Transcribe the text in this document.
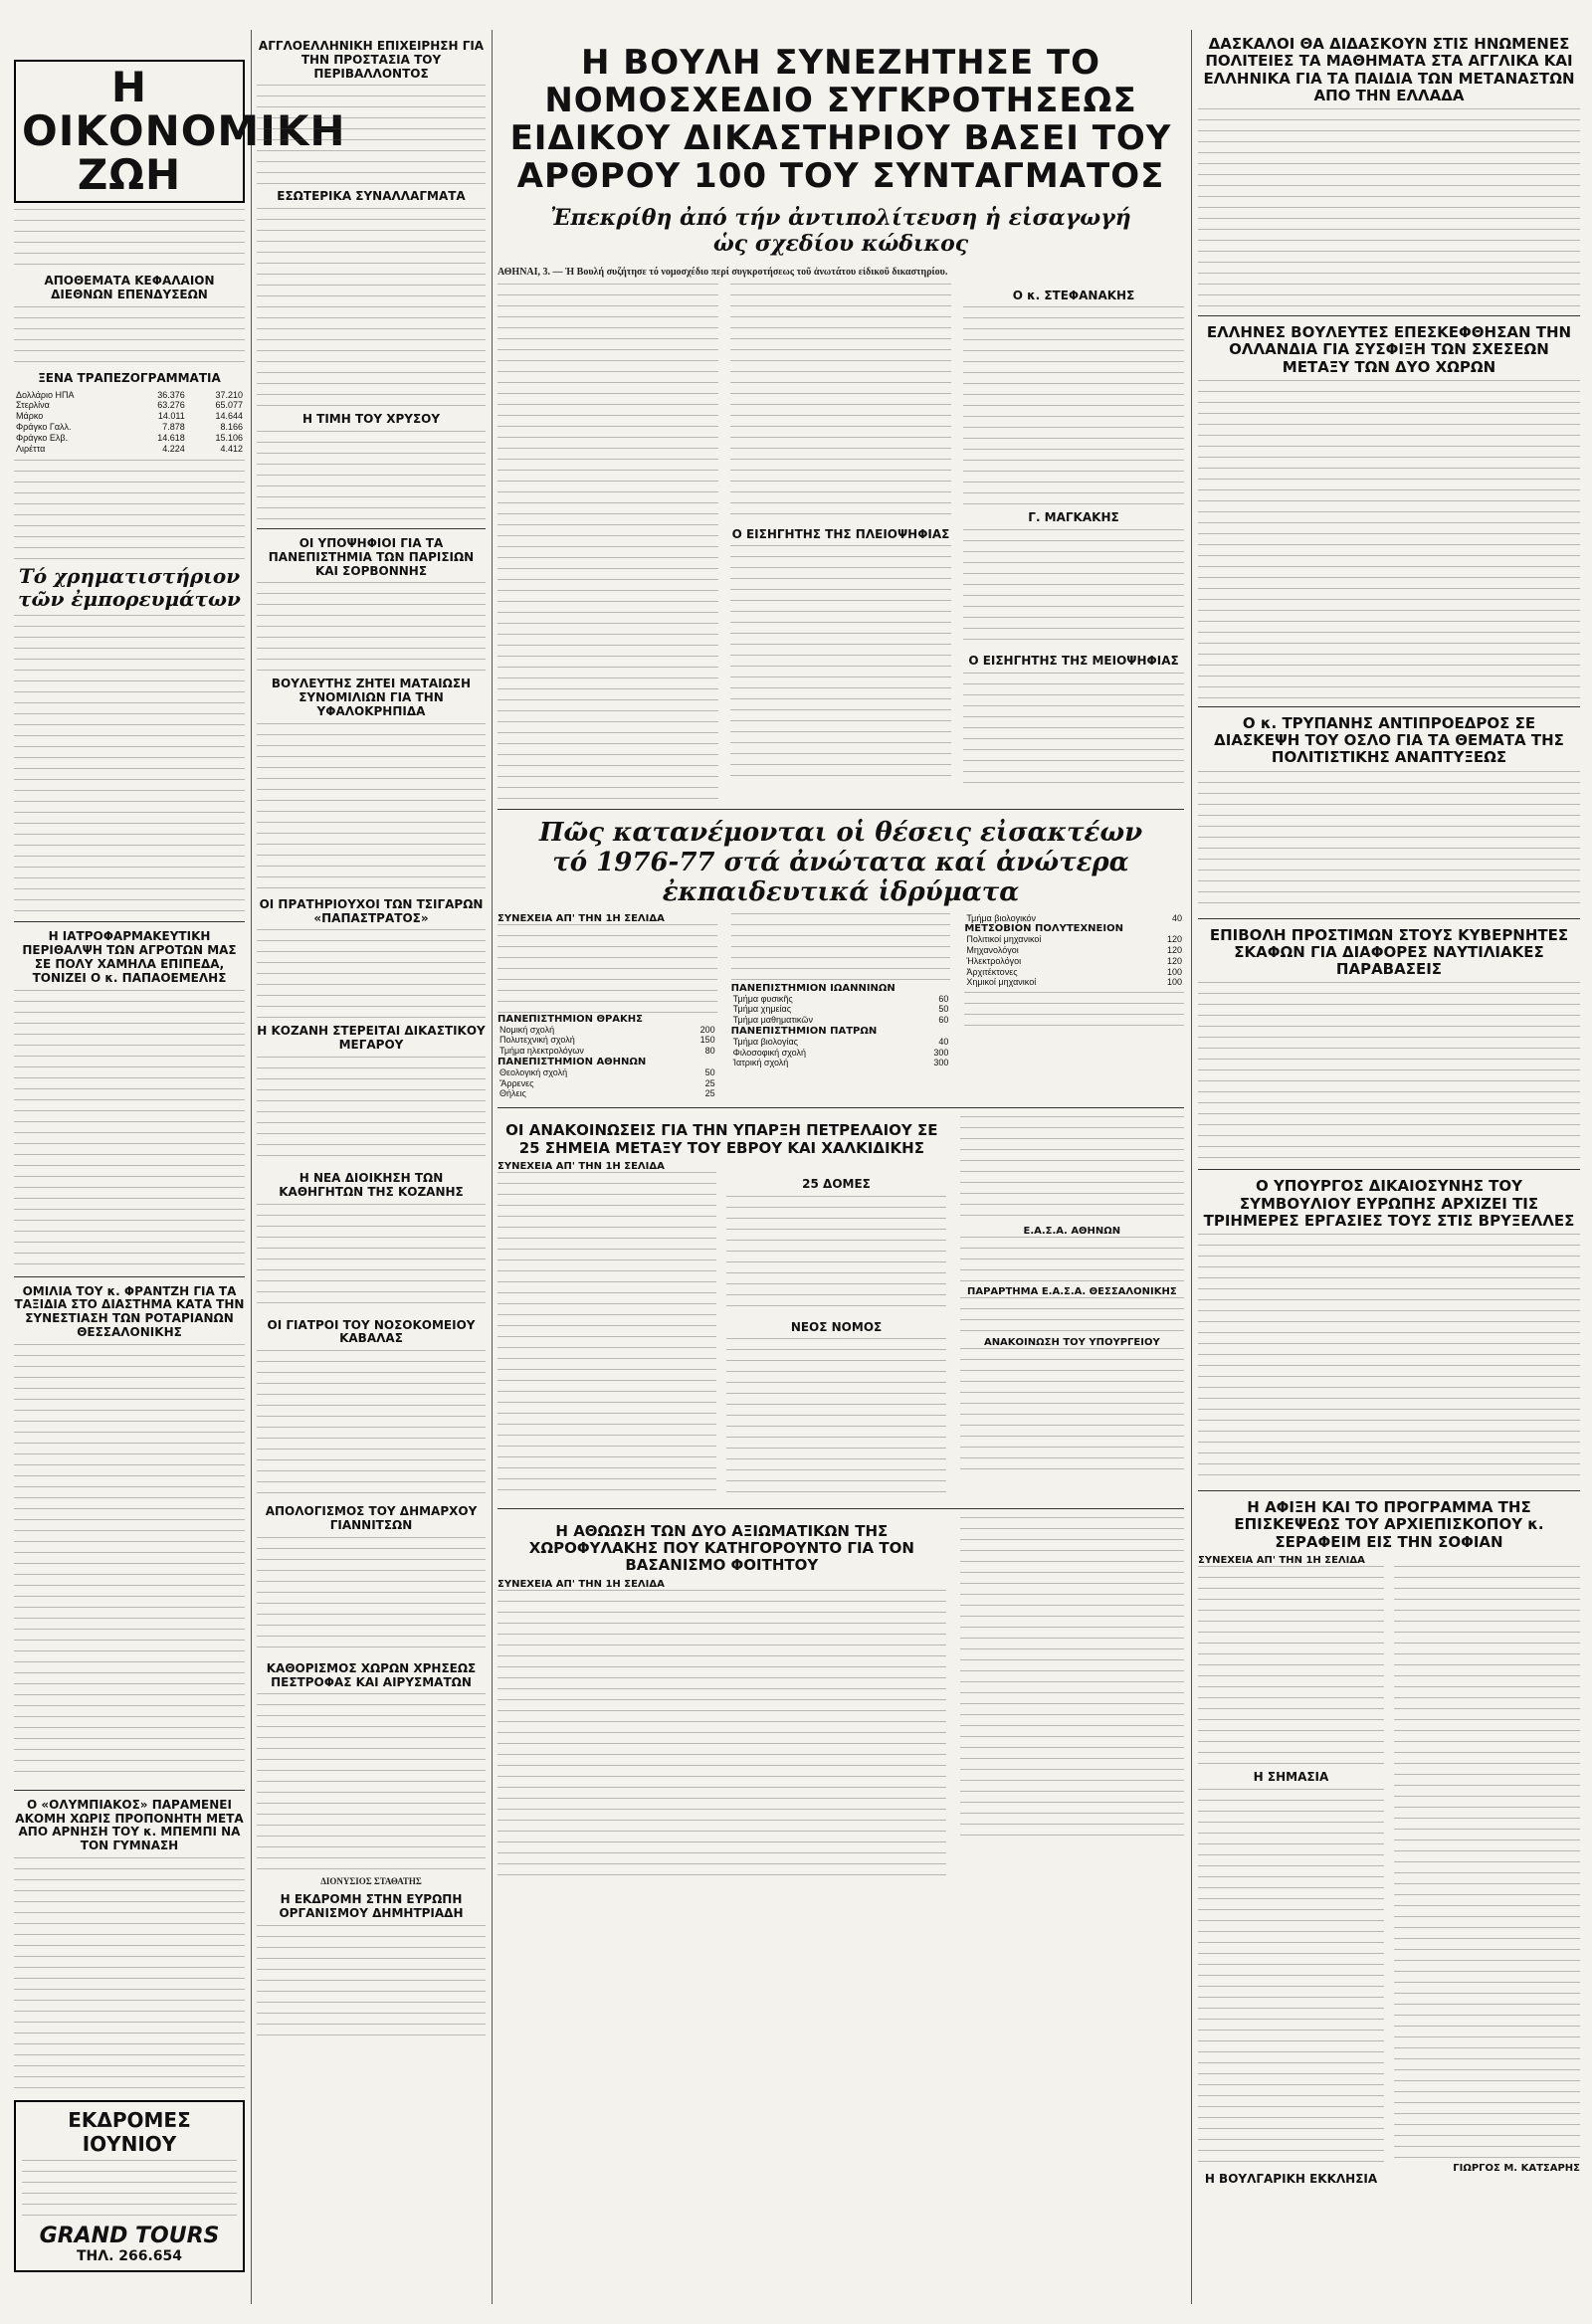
Η ΟΙΚΟΝΟΜΙΚΗ ΖΩΗ
ΑΠΟΘΕΜΑΤΑ ΚΕΦΑΛΑΙΟΝ ΔΙΕΘΝΩΝ ΕΠΕΝΔΥΣΕΩΝ
ΞΕΝΑ ΤΡΑΠΕΖΟΓΡΑΜΜΑΤΙΑ
Δολλάριο ΗΠΑ	36.376	37.210
Στερλίνα	63.276	65.077
Μάρκο	14.011	14.644
Φράγκο Γαλλ.	7.878	8.166
Φράγκο Ελβ.	14.618	15.106
Λιρέττα	4.224	4.412
Τό χρηματιστήριον τῶν ἐμπορευμάτων
Η ΙΑΤΡΟΦΑΡΜΑΚΕΥΤΙΚΗ ΠΕΡΙΘΑΛΨΗ ΤΩΝ ΑΓΡΟΤΩΝ ΜΑΣ ΣΕ ΠΟΛΥ ΧΑΜΗΛΑ ΕΠΙΠΕΔΑ, ΤΟΝΙΖΕΙ Ο κ. ΠΑΠΑΟΕΜΕΛΗΣ
ΟΜΙΛΙΑ ΤΟΥ κ. ΦΡΑΝΤΖΗ ΓΙΑ ΤΑ ΤΑΞΙΔΙΑ ΣΤΟ ΔΙΑΣΤΗΜΑ ΚΑΤΑ ΤΗΝ ΣΥΝΕΣΤΙΑΣΗ ΤΩΝ ΡΟΤΑΡΙΑΝΩΝ ΘΕΣΣΑΛΟΝΙΚΗΣ
Ο «ΟΛΥΜΠΙΑΚΟΣ» ΠΑΡΑΜΕΝΕΙ ΑΚΟΜΗ ΧΩΡΙΣ ΠΡΟΠΟΝΗΤΗ ΜΕΤΑ ΑΠΟ ΑΡΝΗΣΗ ΤΟΥ κ. ΜΠΕΜΠΙ ΝΑ ΤΟΝ ΓΥΜΝΑΣΗ
ΕΚΔΡΟΜΕΣ ΙΟΥΝΙΟΥ
GRAND TOURS
ΤΗΛ. 266.654
ΑΓΓΛΟΕΛΛΗΝΙΚΗ ΕΠΙΧΕΙΡΗΣΗ ΓΙΑ ΤΗΝ ΠΡΟΣΤΑΣΙΑ ΤΟΥ ΠΕΡΙΒΑΛΛΟΝΤΟΣ
ΕΣΩΤΕΡΙΚΑ ΣΥΝΑΛΛΑΓΜΑΤΑ
Η ΤΙΜΗ ΤΟΥ ΧΡΥΣΟΥ
ΟΙ ΥΠΟΨΗΦΙΟΙ ΓΙΑ ΤΑ ΠΑΝΕΠΙΣΤΗΜΙΑ ΤΩΝ ΠΑΡΙΣΙΩΝ ΚΑΙ ΣΟΡΒΟΝΝΗΣ
ΒΟΥΛΕΥΤΗΣ ΖΗΤΕΙ ΜΑΤΑΙΩΣΗ ΣΥΝΟΜΙΛΙΩΝ ΓΙΑ ΤΗΝ ΥΦΑΛΟΚΡΗΠΙΔΑ
ΟΙ ΠΡΑΤΗΡΙΟΥΧΟΙ ΤΩΝ ΤΣΙΓΑΡΩΝ «ΠΑΠΑΣΤΡΑΤΟΣ»
Η ΚΟΖΑΝΗ ΣΤΕΡΕΙΤΑΙ ΔΙΚΑΣΤΙΚΟΥ ΜΕΓΑΡΟΥ
Η ΝΕΑ ΔΙΟΙΚΗΣΗ ΤΩΝ ΚΑΘΗΓΗΤΩΝ ΤΗΣ ΚΟΖΑΝΗΣ
ΟΙ ΓΙΑΤΡΟΙ ΤΟΥ ΝΟΣΟΚΟΜΕΙΟΥ ΚΑΒΑΛΑΣ
ΑΠΟΛΟΓΙΣΜΟΣ ΤΟΥ ΔΗΜΑΡΧΟΥ ΓΙΑΝΝΙΤΣΩΝ
ΚΑΘΟΡΙΣΜΟΣ ΧΩΡΩΝ ΧΡΗΣΕΩΣ ΠΕΣΤΡΟΦΑΣ ΚΑΙ ΑΙΡΥΣΜΑΤΩΝ
ΔΙΟΝΥΣΙΟΣ ΣΤΑΘΑΤΗΣ
Η ΕΚΔΡΟΜΗ ΣΤΗΝ ΕΥΡΩΠΗ ΟΡΓΑΝΙΣΜΟΥ ΔΗΜΗΤΡΙΑΔΗ
Η ΒΟΥΛΗ ΣΥΝΕΖΗΤΗΣΕ ΤΟ ΝΟΜΟΣΧΕΔΙΟ ΣΥΓΚΡΟΤΗΣΕΩΣ ΕΙΔΙΚΟΥ ΔΙΚΑΣΤΗΡΙΟΥ ΒΑΣΕΙ ΤΟΥ ΑΡΘΡΟΥ 100 ΤΟΥ ΣΥΝΤΑΓΜΑΤΟΣ
Ἐπεκρίθη ἀπό τήν ἀντιπολίτευση ἡ εἰσαγωγή ὡς σχεδίου κώδικος
ΑΘΗΝΑΙ, 3. — Ἡ Βουλή συζήτησε τό νομοσχέδιο περί συγκροτήσεως τοῦ ἀνωτάτου εἰδικοῦ δικαστηρίου.
Ο ΕΙΣΗΓΗΤΗΣ ΤΗΣ ΠΛΕΙΟΨΗΦΙΑΣ
Ο κ. ΣΤΕΦΑΝΑΚΗΣ
Γ. ΜΑΓΚΑΚΗΣ
Ο ΕΙΣΗΓΗΤΗΣ ΤΗΣ ΜΕΙΟΨΗΦΙΑΣ
Πῶς κατανέμονται οἱ θέσεις εἰσακτέων τό 1976-77 στά ἀνώτατα καί ἀνώτερα ἐκπαιδευτικά ἱδρύματα
ΣΥΝΕΧΕΙΑ ΑΠ' ΤΗΝ 1Η ΣΕΛΙΔΑ
ΠΑΝΕΠΙΣΤΗΜΙΟΝ ΘΡΑΚΗΣ
Νομική σχολή	200
Πολυτεχνική σχολή	150
Τμήμα ηλεκτρολόγων	80
ΠΑΝΕΠΙΣΤΗΜΙΟΝ ΑΘΗΝΩΝ
Θεολογική σχολή	50
Ἄρρενες	25
Θήλεις	25
ΠΑΝΕΠΙΣΤΗΜΙΟΝ ΙΩΑΝΝΙΝΩΝ
Τμήμα φυσικῆς	60
Τμήμα χημείας	50
Τμήμα μαθηματικῶν	60
ΠΑΝΕΠΙΣΤΗΜΙΟΝ ΠΑΤΡΩΝ
Τμήμα βιολογίας	40
Φιλοσοφική σχολή	300
Ἰατρική σχολή	300
Τμήμα βιολογικόν	40
ΜΕΤΣΟΒΙΟΝ ΠΟΛΥΤΕΧΝΕΙΟΝ
Πολιτικοί μηχανικοί	120
Μηχανολόγοι	120
Ἠλεκτρολόγοι	120
Ἀρχιτέκτονες	100
Χημικοί μηχανικοί	100
ΟΙ ΑΝΑΚΟΙΝΩΣΕΙΣ ΓΙΑ ΤΗΝ ΥΠΑΡΞΗ ΠΕΤΡΕΛΑΙΟΥ ΣΕ 25 ΣΗΜΕΙΑ ΜΕΤΑΞΥ ΤΟΥ ΕΒΡΟΥ ΚΑΙ ΧΑΛΚΙΔΙΚΗΣ
ΣΥΝΕΧΕΙΑ ΑΠ' ΤΗΝ 1Η ΣΕΛΙΔΑ
25 ΔΟΜΕΣ
ΝΕΟΣ ΝΟΜΟΣ
Ε.Α.Σ.Α. ΑΘΗΝΩΝ
ΠΑΡΑΡΤΗΜΑ Ε.Α.Σ.Α. ΘΕΣΣΑΛΟΝΙΚΗΣ
ΑΝΑΚΟΙΝΩΣΗ ΤΟΥ ΥΠΟΥΡΓΕΙΟΥ
Η ΑΘΩΩΣΗ ΤΩΝ ΔΥΟ ΑΞΙΩΜΑΤΙΚΩΝ ΤΗΣ ΧΩΡΟΦΥΛΑΚΗΣ ΠΟΥ ΚΑΤΗΓΟΡΟΥΝΤΟ ΓΙΑ ΤΟΝ ΒΑΣΑΝΙΣΜΟ ΦΟΙΤΗΤΟΥ
ΣΥΝΕΧΕΙΑ ΑΠ' ΤΗΝ 1Η ΣΕΛΙΔΑ
ΔΑΣΚΑΛΟΙ ΘΑ ΔΙΔΑΣΚΟΥΝ ΣΤΙΣ ΗΝΩΜΕΝΕΣ ΠΟΛΙΤΕΙΕΣ ΤΑ ΜΑΘΗΜΑΤΑ ΣΤΑ ΑΓΓΛΙΚΑ ΚΑΙ ΕΛΛΗΝΙΚΑ ΓΙΑ ΤΑ ΠΑΙΔΙΑ ΤΩΝ ΜΕΤΑΝΑΣΤΩΝ ΑΠΟ ΤΗΝ ΕΛΛΑΔΑ
ΕΛΛΗΝΕΣ ΒΟΥΛΕΥΤΕΣ ΕΠΕΣΚΕΦΘΗΣΑΝ ΤΗΝ ΟΛΛΑΝΔΙΑ ΓΙΑ ΣΥΣΦΙΞΗ ΤΩΝ ΣΧΕΣΕΩΝ ΜΕΤΑΞΥ ΤΩΝ ΔΥΟ ΧΩΡΩΝ
Ο κ. ΤΡΥΠΑΝΗΣ ΑΝΤΙΠΡΟΕΔΡΟΣ ΣΕ ΔΙΑΣΚΕΨΗ ΤΟΥ ΟΣΛΟ ΓΙΑ ΤΑ ΘΕΜΑΤΑ ΤΗΣ ΠΟΛΙΤΙΣΤΙΚΗΣ ΑΝΑΠΤΥΞΕΩΣ
ΕΠΙΒΟΛΗ ΠΡΟΣΤΙΜΩΝ ΣΤΟΥΣ ΚΥΒΕΡΝΗΤΕΣ ΣΚΑΦΩΝ ΓΙΑ ΔΙΑΦΟΡΕΣ ΝΑΥΤΙΛΙΑΚΕΣ ΠΑΡΑΒΑΣΕΙΣ
Ο ΥΠΟΥΡΓΟΣ ΔΙΚΑΙΟΣΥΝΗΣ ΤΟΥ ΣΥΜΒΟΥΛΙΟΥ ΕΥΡΩΠΗΣ ΑΡΧΙΖΕΙ ΤΙΣ ΤΡΙΗΜΕΡΕΣ ΕΡΓΑΣΙΕΣ ΤΟΥΣ ΣΤΙΣ ΒΡΥΞΕΛΛΕΣ
Η ΑΦΙΞΗ ΚΑΙ ΤΟ ΠΡΟΓΡΑΜΜΑ ΤΗΣ ΕΠΙΣΚΕΨΕΩΣ ΤΟΥ ΑΡΧΙΕΠΙΣΚΟΠΟΥ κ. ΣΕΡΑΦΕΙΜ ΕΙΣ ΤΗΝ ΣΟΦΙΑΝ
ΣΥΝΕΧΕΙΑ ΑΠ' ΤΗΝ 1Η ΣΕΛΙΔΑ
Η ΣΗΜΑΣΙΑ
Η ΒΟΥΛΓΑΡΙΚΗ ΕΚΚΛΗΣΙΑ
ΓΙΩΡΓΟΣ Μ. ΚΑΤΣΑΡΗΣ
